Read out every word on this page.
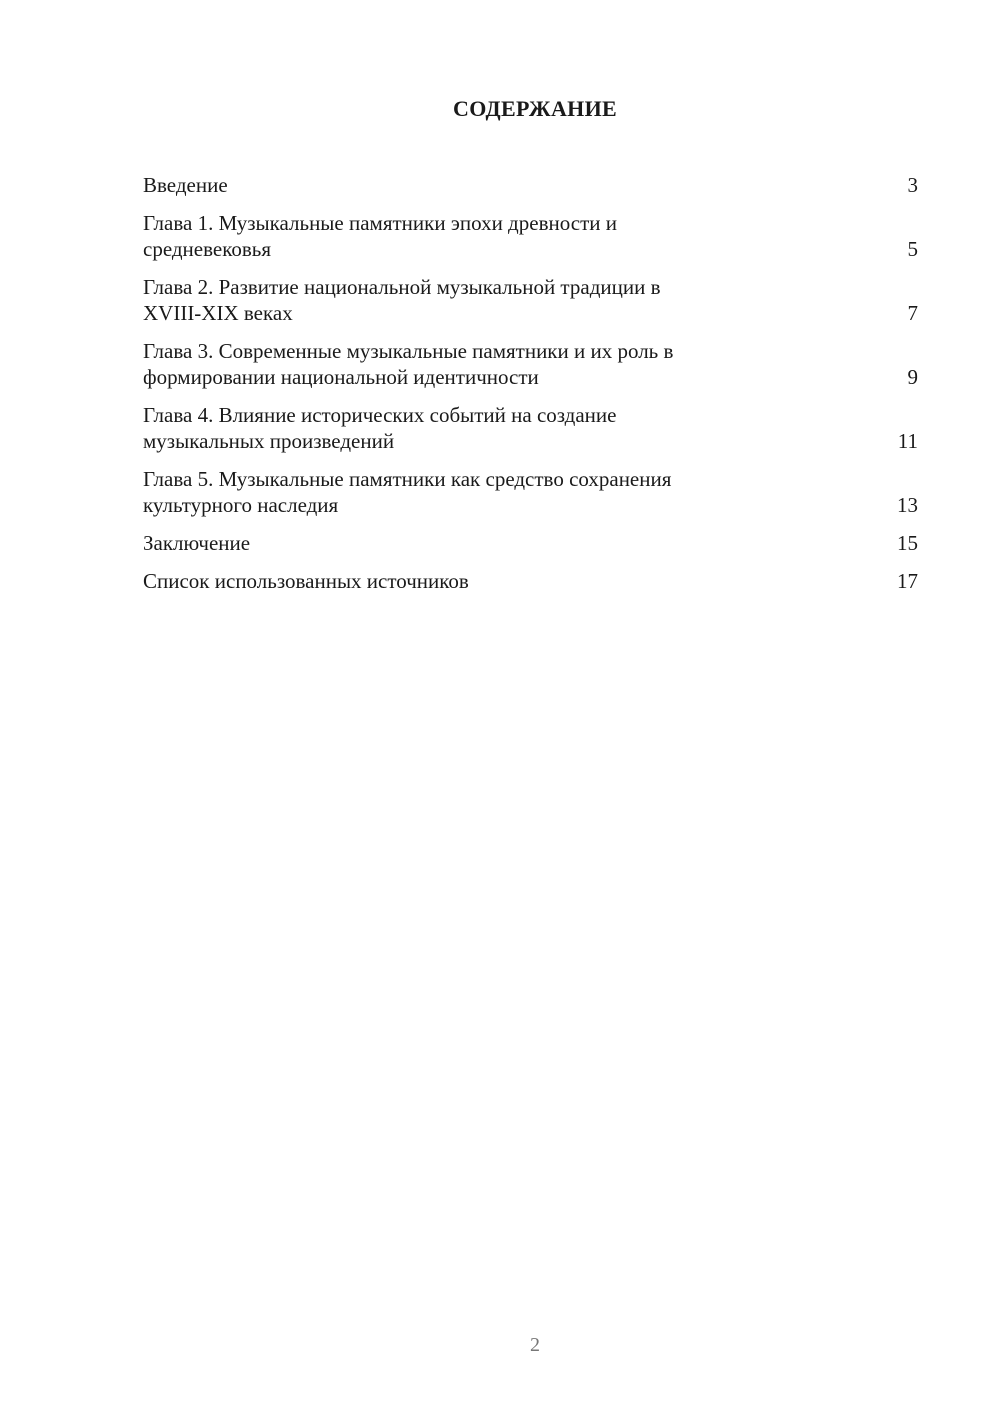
СОДЕРЖАНИЕ
Введение	3
Глава 1. Музыкальные памятники эпохи древности и
средневековья	5
Глава 2. Развитие национальной музыкальной традиции в
XVIII-XIX веках	7
Глава 3. Современные музыкальные памятники и их роль в
формировании национальной идентичности	9
Глава 4. Влияние исторических событий на создание
музыкальных произведений	11
Глава 5. Музыкальные памятники как средство сохранения
культурного наследия	13
Заключение	15
Список использованных источников	17
2
